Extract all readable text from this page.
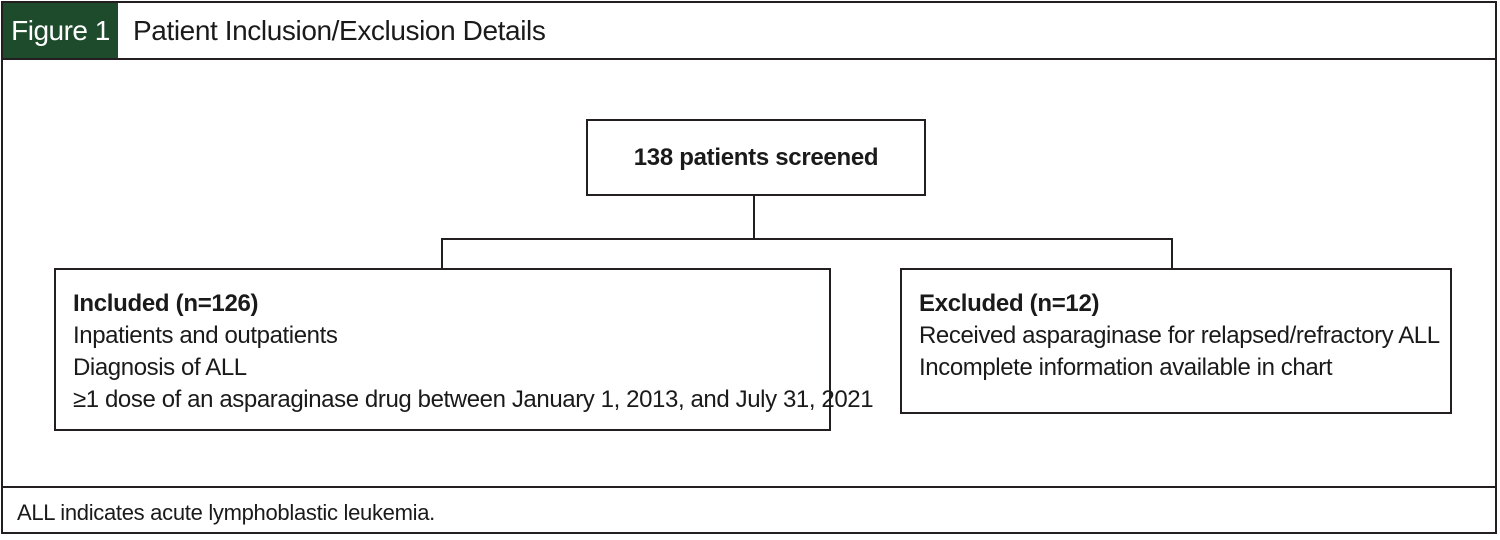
Figure 1 Patient Inclusion/Exclusion Details
138 patients screened
Included (n=126)
Inpatients and outpatients
Diagnosis of ALL
≥1 dose of an asparaginase drug between January 1, 2013, and July 31, 2021
Excluded (n=12)
Received asparaginase for relapsed/refractory ALL
Incomplete information available in chart
ALL indicates acute lymphoblastic leukemia.
